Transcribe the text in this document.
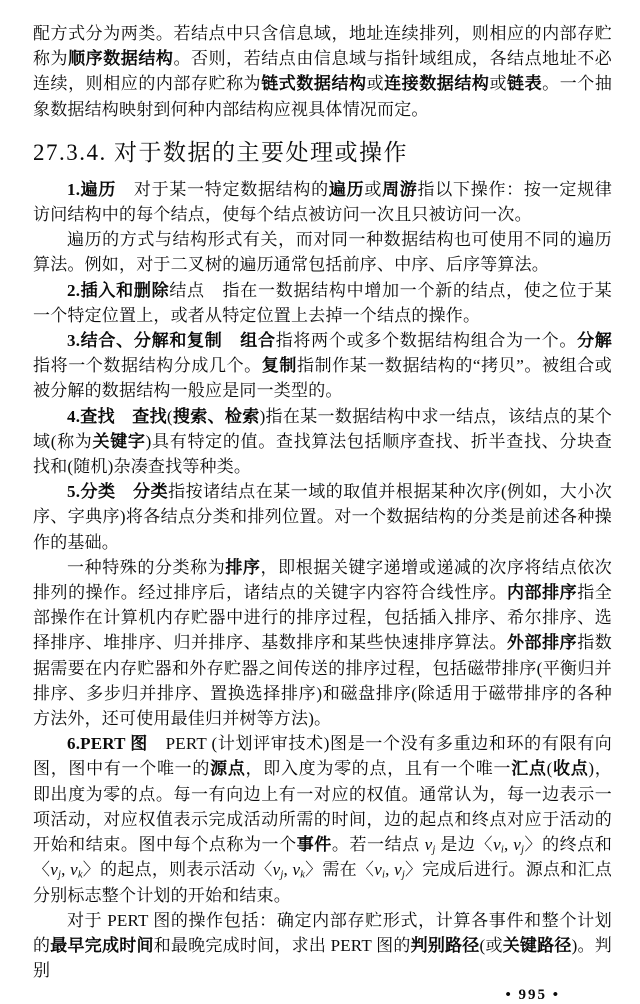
配方式分为两类。若结点中只含信息域，地址连续排列，则相应的内部存贮称为顺序数据结构。否则，若结点由信息域与指针域组成，各结点地址不必连续，则相应的内部存贮称为链式数据结构或连接数据结构或链表。一个抽象数据结构映射到何种内部结构应视具体情况而定。

27.3.4. 对于数据的主要处理或操作

1.遍历　对于某一特定数据结构的遍历或周游指以下操作：按一定规律访问结构中的每个结点，使每个结点被访问一次且只被访问一次。

遍历的方式与结构形式有关，而对同一种数据结构也可使用不同的遍历算法。例如，对于二叉树的遍历通常包括前序、中序、后序等算法。

2.插入和删除结点　指在一数据结构中增加一个新的结点，使之位于某一个特定位置上，或者从特定位置上去掉一个结点的操作。

3.结合、分解和复制　 组合指将两个或多个数据结构组合为一个。分解指将一个数据结构分成几个。复制指制作某一数据结构的“拷贝”。被组合或被分解的数据结构一般应是同一类型的。

4.查找　 查找(搜索、检索)指在某一数据结构中求一结点，该结点的某个域(称为关键字)具有特定的值。查找算法包括顺序查找、折半查找、分块查找和(随机)杂凑查找等种类。

5.分类　 分类指按诸结点在某一域的取值并根据某种次序(例如，大小次序、字典序)将各结点分类和排列位置。对一个数据结构的分类是前述各种操作的基础。

一种特殊的分类称为排序，即根据关键字递增或递减的次序将结点依次排列的操作。经过排序后，诸结点的关键字内容符合线性序。内部排序指全部操作在计算机内存贮器中进行的排序过程，包括插入排序、希尔排序、选择排序、堆排序、归并排序、基数排序和某些快速排序算法。外部排序指数据需要在内存贮器和外存贮器之间传送的排序过程，包括磁带排序(平衡归并排序、多步归并排序、置换选择排序)和磁盘排序(除适用于磁带排序的各种方法外，还可使用最佳归并树等方法)。

6.PERT 图　PERT (计划评审技术)图是一个没有多重边和环的有限有向图，图中有一个唯一的源点，即入度为零的点，且有一个唯一汇点(收点)，即出度为零的点。每一有向边上有一对应的权值。通常认为，每一边表示一项活动，对应权值表示完成活动所需的时间，边的起点和终点对应于活动的开始和结束。图中每个点称为一个事件。若一结点 $v_j$ 是边〈$v_i$, $v_j$〉的终点和〈$v_j$, $v_k$〉的起点，则表示活动〈$v_j$, $v_k$〉需在〈$v_i$, $v_j$〉完成后进行。源点和汇点分别标志整个计划的开始和结束。

对于 PERT 图的操作包括：确定内部存贮形式，计算各事件和整个计划的最早完成时间和最晚完成时间，求出 PERT 图的判别路径(或关键路径)。判别

• 995 •
